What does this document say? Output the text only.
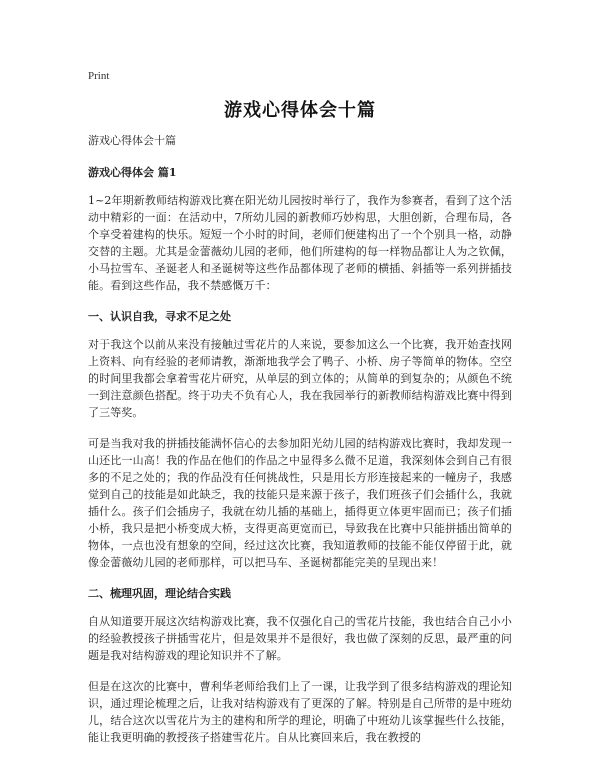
Print
游戏心得体会十篇
游戏心得体会十篇
游戏心得体会 篇1

1~2年期新教师结构游戏比赛在阳光幼儿园按时举行了，我作为参赛者，看到了这个活动中精彩的一面：在活动中，7所幼儿园的新教师巧妙构思，大胆创新，合理布局，各个享受着建构的快乐。短短一个小时的时间，老师们便建构出了一个个别具一格，动静交替的主题。尤其是金蕾薇幼儿园的老师，他们所建构的每一样物品都让人为之钦佩，小马拉雪车、圣诞老人和圣诞树等这些作品都体现了老师的横插、斜插等一系列拼插技能。看到这些作品，我不禁感慨万千：

一、认识自我，寻求不足之处

对于我这个以前从来没有接触过雪花片的人来说，要参加这么一个比赛，我开始查找网上资料、向有经验的老师请教，渐渐地我学会了鸭子、小桥、房子等简单的物体。空空的时间里我都会拿着雪花片研究，从单层的到立体的；从简单的到复杂的；从颜色不统一到注意颜色搭配。终于功夫不负有心人，我在我园举行的新教师结构游戏比赛中得到了三等奖。

可是当我对我的拼插技能满怀信心的去参加阳光幼儿园的结构游戏比赛时，我却发现一山还比一山高！我的作品在他们的作品之中显得多么微不足道，我深刻体会到自己有很多的不足之处的；我的作品没有任何挑战性，只是用长方形连接起来的一幢房子，我感觉到自己的技能是如此缺乏，我的技能只是来源于孩子，我们班孩子们会插什么，我就插什么。孩子们会插房子，我就在幼儿插的基础上，插得更立体更牢固而已；孩子们插小桥，我只是把小桥变成大桥，支得更高更宽而已，导致我在比赛中只能拼插出简单的物体，一点也没有想象的空间，经过这次比赛，我知道教师的技能不能仅停留于此，就像金蕾薇幼儿园的老师那样，可以把马车、圣诞树都能完美的呈现出来！

二、梳理巩固，理论结合实践

自从知道要开展这次结构游戏比赛，我不仅强化自己的雪花片技能，我也结合自己小小的经验教授孩子拼插雪花片，但是效果并不是很好，我也做了深刻的反思，最严重的问题是我对结构游戏的理论知识并不了解。

但是在这次的比赛中，曹利华老师给我们上了一课，让我学到了很多结构游戏的理论知识，通过理论梳理之后，让我对结构游戏有了更深的了解。特别是自己所带的是中班幼儿，结合这次以雪花片为主的建构和所学的理论，明确了中班幼儿该掌握些什么技能，能让我更明确的教授孩子搭建雪花片。自从比赛回来后，我在教授的
